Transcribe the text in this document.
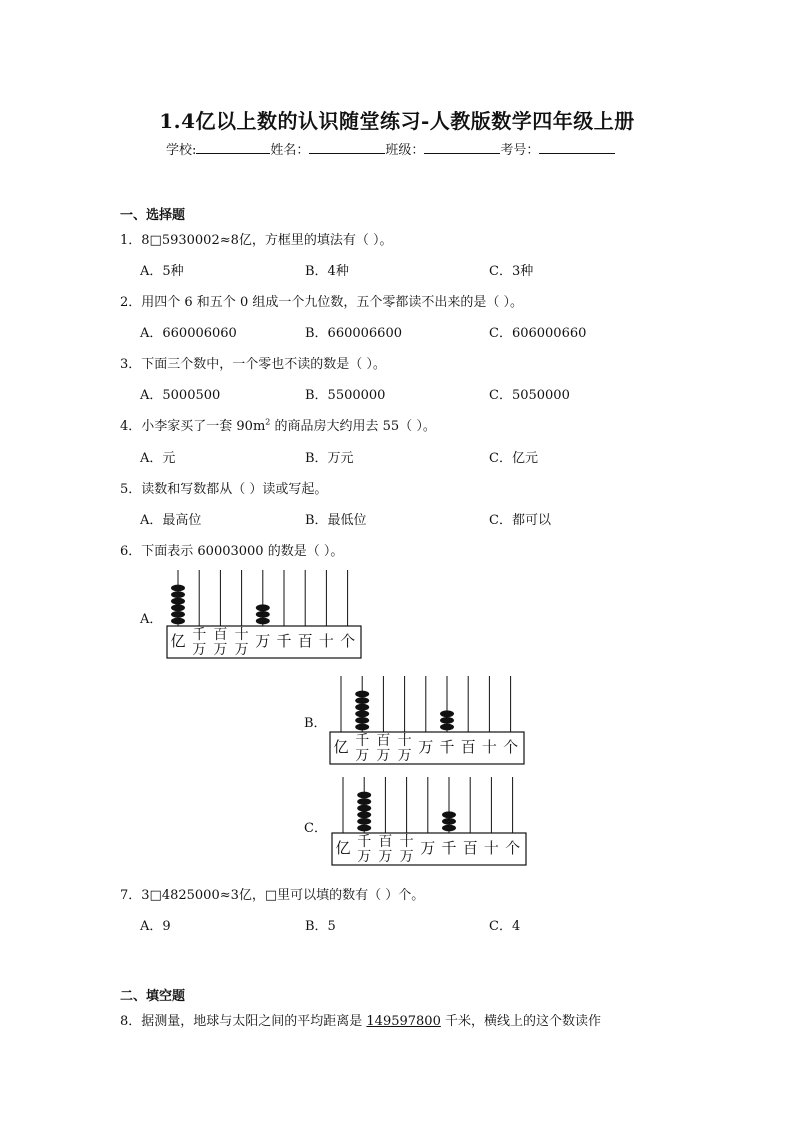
1.4亿以上数的认识随堂练习-人教版数学四年级上册
学校:	姓名：	班级：	考号：
一、选择题
1．8□5930002≈8亿，方框里的填法有（ ）。
A．5种	B．4种	C．3种
2．用四个 6 和五个 0 组成一个九位数，五个零都读不出来的是（ ）。
A．660006060	B．660006600	C．606000660
3．下面三个数中，一个零也不读的数是（ ）。
A．5000500	B．5500000	C．5050000
4．小李家买了一套 $90m^2$ 的商品房大约用去 55（ ）。
A．元	B．万元	C．亿元
5．读数和写数都从（ ）读或写起。
A．最高位	B．最低位	C．都可以
6．下面表示 60003000 的数是（ ）。
A．
亿 千
万
百
万
十
万 万 千 百 十 个
B．
亿 千
万
百
万
十
万 万 千 百 十 个
C．
亿 千
万
百
万
十
万 万 千 百 十 个
7．3□4825000≈3亿，□里可以填的数有（ ）个。
A．9	B．5	C．4
二、填空题
8．据测量，地球与太阳之间的平均距离是 149597800 千米，横线上的这个数读作
